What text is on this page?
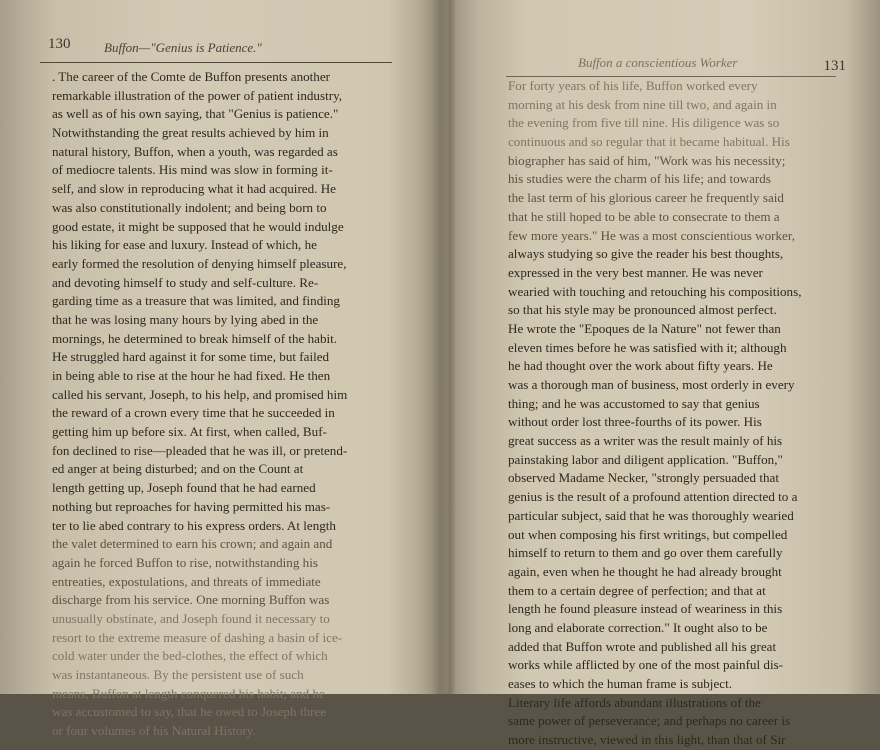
130	Buffon—"Genius is Patience."
. The career of the Comte de Buffon presents another
remarkable illustration of the power of patient industry,
as well as of his own saying, that "Genius is patience."
Notwithstanding the great results achieved by him in
natural history, Buffon, when a youth, was regarded as
of mediocre talents. His mind was slow in forming it-
self, and slow in reproducing what it had acquired. He
was also constitutionally indolent; and being born to
good estate, it might be supposed that he would indulge
his liking for ease and luxury. Instead of which, he
early formed the resolution of denying himself pleasure,
and devoting himself to study and self-culture. Re-
garding time as a treasure that was limited, and finding
that he was losing many hours by lying abed in the
mornings, he determined to break himself of the habit.
He struggled hard against it for some time, but failed
in being able to rise at the hour he had fixed. He then
called his servant, Joseph, to his help, and promised him
the reward of a crown every time that he succeeded in
getting him up before six. At first, when called, Buf-
fon declined to rise—pleaded that he was ill, or pretend-
ed anger at being disturbed; and on the Count at
length getting up, Joseph found that he had earned
nothing but reproaches for having permitted his mas-
ter to lie abed contrary to his express orders. At length
the valet determined to earn his crown; and again and
again he forced Buffon to rise, notwithstanding his
entreaties, expostulations, and threats of immediate
discharge from his service. One morning Buffon was
unusually obstinate, and Joseph found it necessary to
resort to the extreme measure of dashing a basin of ice-
cold water under the bed-clothes, the effect of which
was instantaneous. By the persistent use of such
means, Buffon at length conquered his habit; and he
was accustomed to say, that he owed to Joseph three
or four volumes of his Natural History.
131
Buffon a conscientious Worker
For forty years of his life, Buffon worked every
morning at his desk from nine till two, and again in
the evening from five till nine. His diligence was so
continuous and so regular that it became habitual. His
biographer has said of him, "Work was his necessity;
his studies were the charm of his life; and towards
the last term of his glorious career he frequently said
that he still hoped to be able to consecrate to them a
few more years." He was a most conscientious worker,
always studying so give the reader his best thoughts,
expressed in the very best manner. He was never
wearied with touching and retouching his compositions,
so that his style may be pronounced almost perfect.
He wrote the "Epoques de la Nature" not fewer than
eleven times before he was satisfied with it; although
he had thought over the work about fifty years. He
was a thorough man of business, most orderly in every
thing; and he was accustomed to say that genius
without order lost three-fourths of its power. His
great success as a writer was the result mainly of his
painstaking labor and diligent application. "Buffon,"
observed Madame Necker, "strongly persuaded that
genius is the result of a profound attention directed to a
particular subject, said that he was thoroughly wearied
out when composing his first writings, but compelled
himself to return to them and go over them carefully
again, even when he thought he had already brought
them to a certain degree of perfection; and that at
length he found pleasure instead of weariness in this
long and elaborate correction." It ought also to be
added that Buffon wrote and published all his great
works while afflicted by one of the most painful dis-
eases to which the human frame is subject.
Literary life affords abundant illustrations of the
same power of perseverance; and perhaps no career is
more instructive, viewed in this light, than that of Sir
